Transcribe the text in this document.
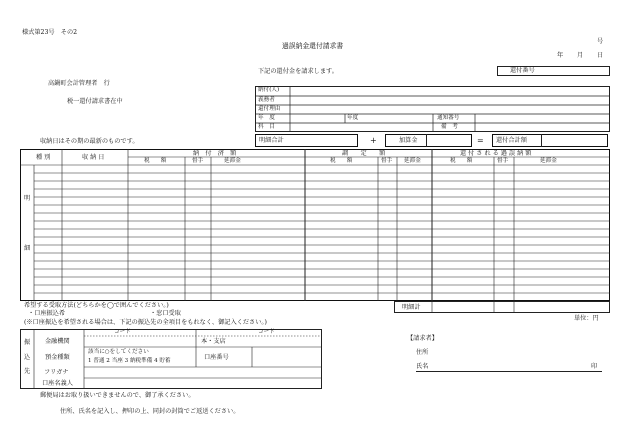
様式第23号　その2
過誤納金還付請求書
号
年 月 日
下記の還付金を請求します。	還付番号
高鍋町会計管理者　行
税一還付請求書在中
収納日はその期の最新のものです。
納付(人)
義務者
還付理由
年　度
科　目
年度	通知番号
備　考
明細合計	+	加算金	= 還付合計額
種 別	収 納 日
納　付　済　額	調　　定　　額	還 付 さ れ る 過 誤 納 額
税　　額	督手	延滞金	税　　額	督手 延滞金	税　　額	督手	延滞金
明
細
明細計
単位：円
希望する受取方法(どちらかを◯で囲んでください。)
・口座振込希	・窓口受取
(※口座振込を希望される場合は、下記の振込先の全項目をもれなく、御記入ください。)
振
込
先
コード	コード
金融機関	本・支店
預金種類
該当に○をしてください
1 普通 2 当座 3 納税準備 4 貯蓄	口座番号
フリガナ
口座名義人
【請求者】
住所
氏名	印
郵便局はお取り扱いできませんので、御了承ください。
住所、氏名を記入し、押印の上、同封の封筒でご返送ください。
